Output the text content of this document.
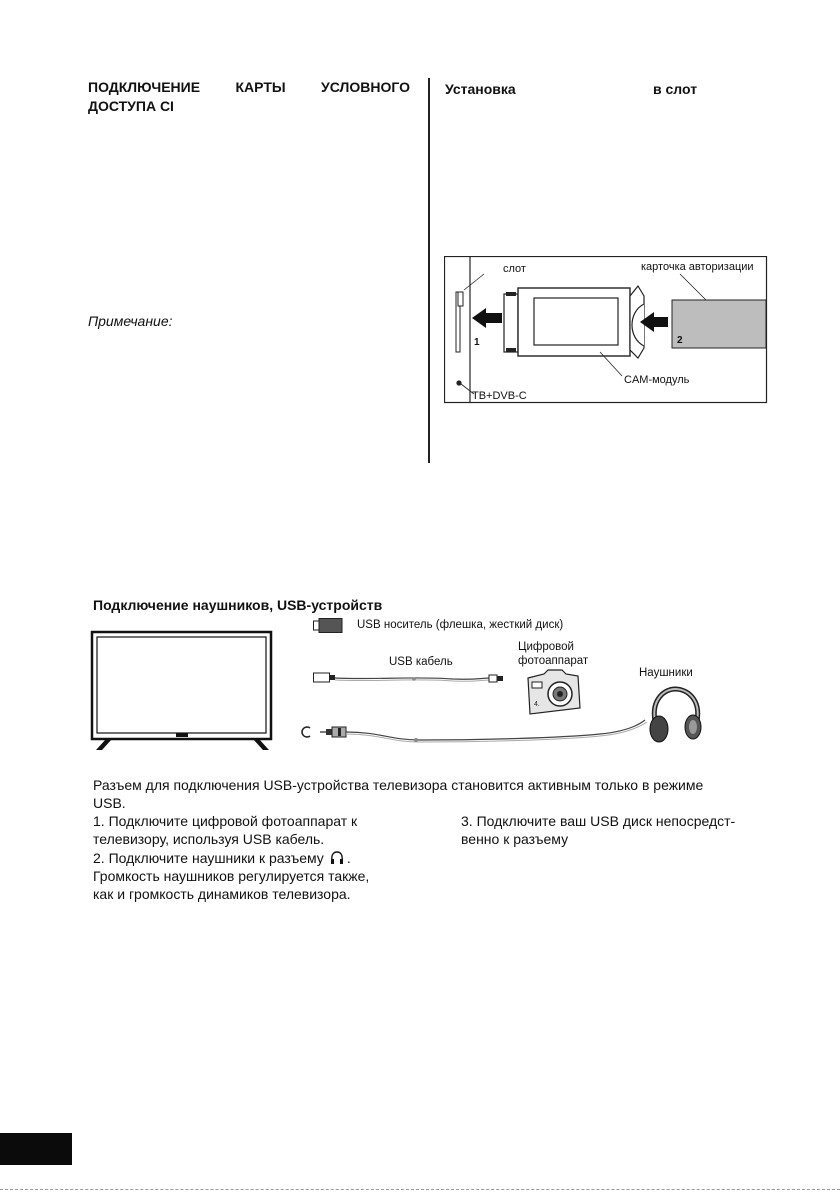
ПОДКЛЮЧЕНИЕ	КАРТЫ	УСЛОВНОГО
ДОСТУПА CI
Примечание:
Установка	в слот
слот
ТВ+DVB-C
1
CAM-модуль
2
карточка авторизации
Подключение наушников, USB-устройств
USB носитель (флешка, жесткий диск)
USB кабель
Цифровой
фотоаппарат
4.
Наушники
Разъем для подключения USB-устройства телевизора становится активным только в режиме
USB.
1. Подключите цифровой фотоаппарат к
телевизору, используя USB кабель.
2. Подключите наушники к разъему .
Громкость наушников регулируется также,
как и громкость динамиков телевизора.
3. Подключите ваш USB диск непосредст-
венно к разъему
